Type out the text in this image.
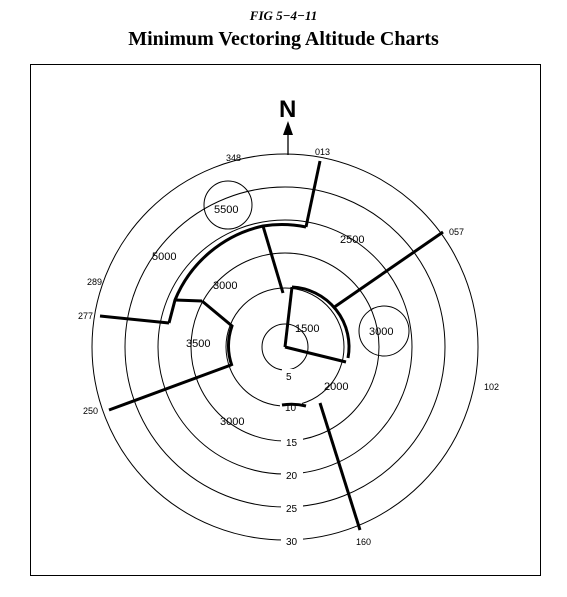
FIG 5−4−11
Minimum Vectoring Altitude Charts
N
348
013
057
289
277
250
102
160
5
10
15
20
25
30
5500
5000
2500
3000
3500
1500	3000
2000
3000
